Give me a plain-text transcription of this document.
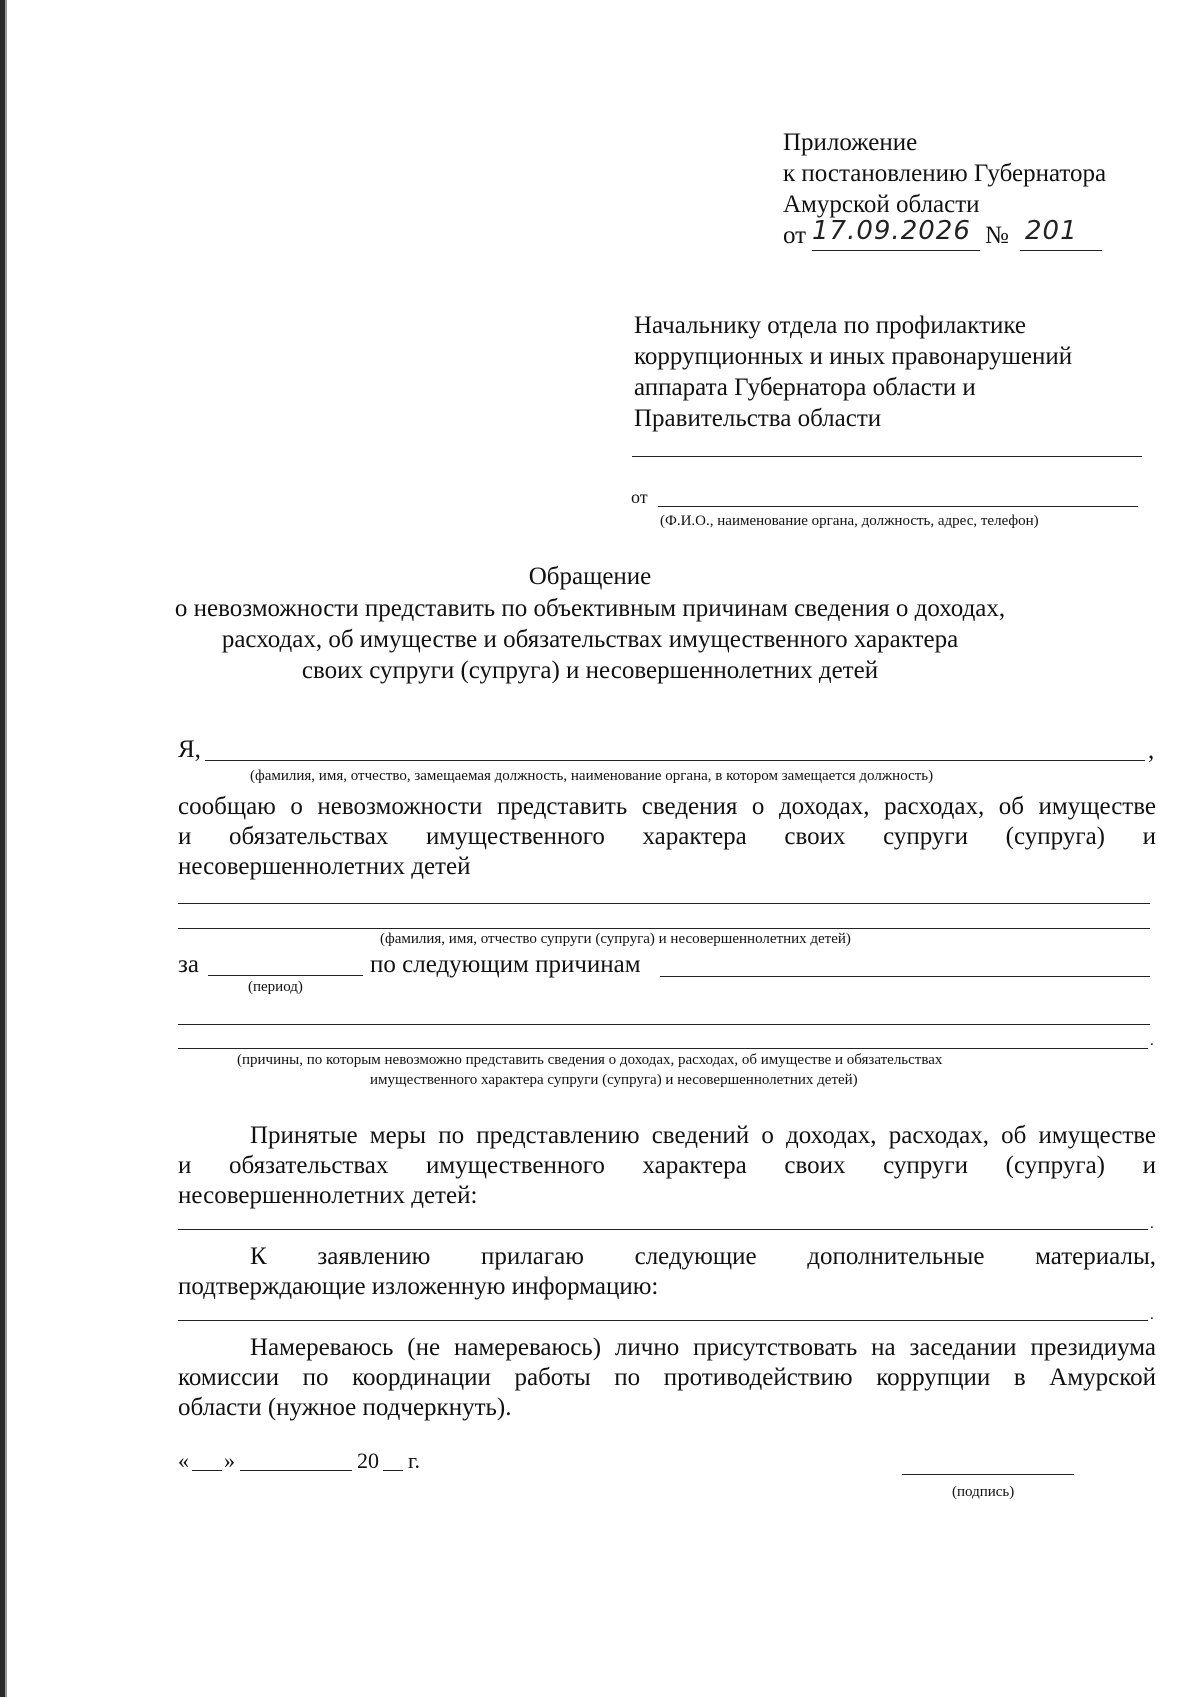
Приложение
к постановлению Губернатора
Амурской области
от 17.09.2026 № 201
Начальнику отдела по профилактике
коррупционных и иных правонарушений
аппарата Губернатора области и
Правительства области
от
(Ф.И.О., наименование органа, должность, адрес, телефон)
Обращение
о невозможности представить по объективным причинам сведения о доходах,
расходах, об имуществе и обязательствах имущественного характера
своих супруги (супруга) и несовершеннолетних детей
Я,	,
(фамилия, имя, отчество, замещаемая должность, наименование органа, в котором замещается должность)
сообщаю о невозможности представить сведения о доходах, расходах, об имуществе
и обязательствах имущественного характера своих супруги (супруга) и
несовершеннолетних детей
(фамилия, имя, отчество супруги (супруга) и несовершеннолетних детей)
за	по следующим причинам
(период)
.
(причины, по которым невозможно представить сведения о доходах, расходах, об имуществе и обязательствах
имущественного характера супруги (супруга) и несовершеннолетних детей)
Принятые меры по представлению сведений о доходах, расходах, об имуществе
и обязательствах имущественного характера своих супруги (супруга) и
несовершеннолетних детей:
.
К заявлению прилагаю следующие дополнительные материалы,
подтверждающие изложенную информацию:
.
Намереваюсь (не намереваюсь) лично присутствовать на заседании президиума
комиссии по координации работы по противодействию коррупции в Амурской
области (нужное подчеркнуть).
« »	20 г.
(подпись)
